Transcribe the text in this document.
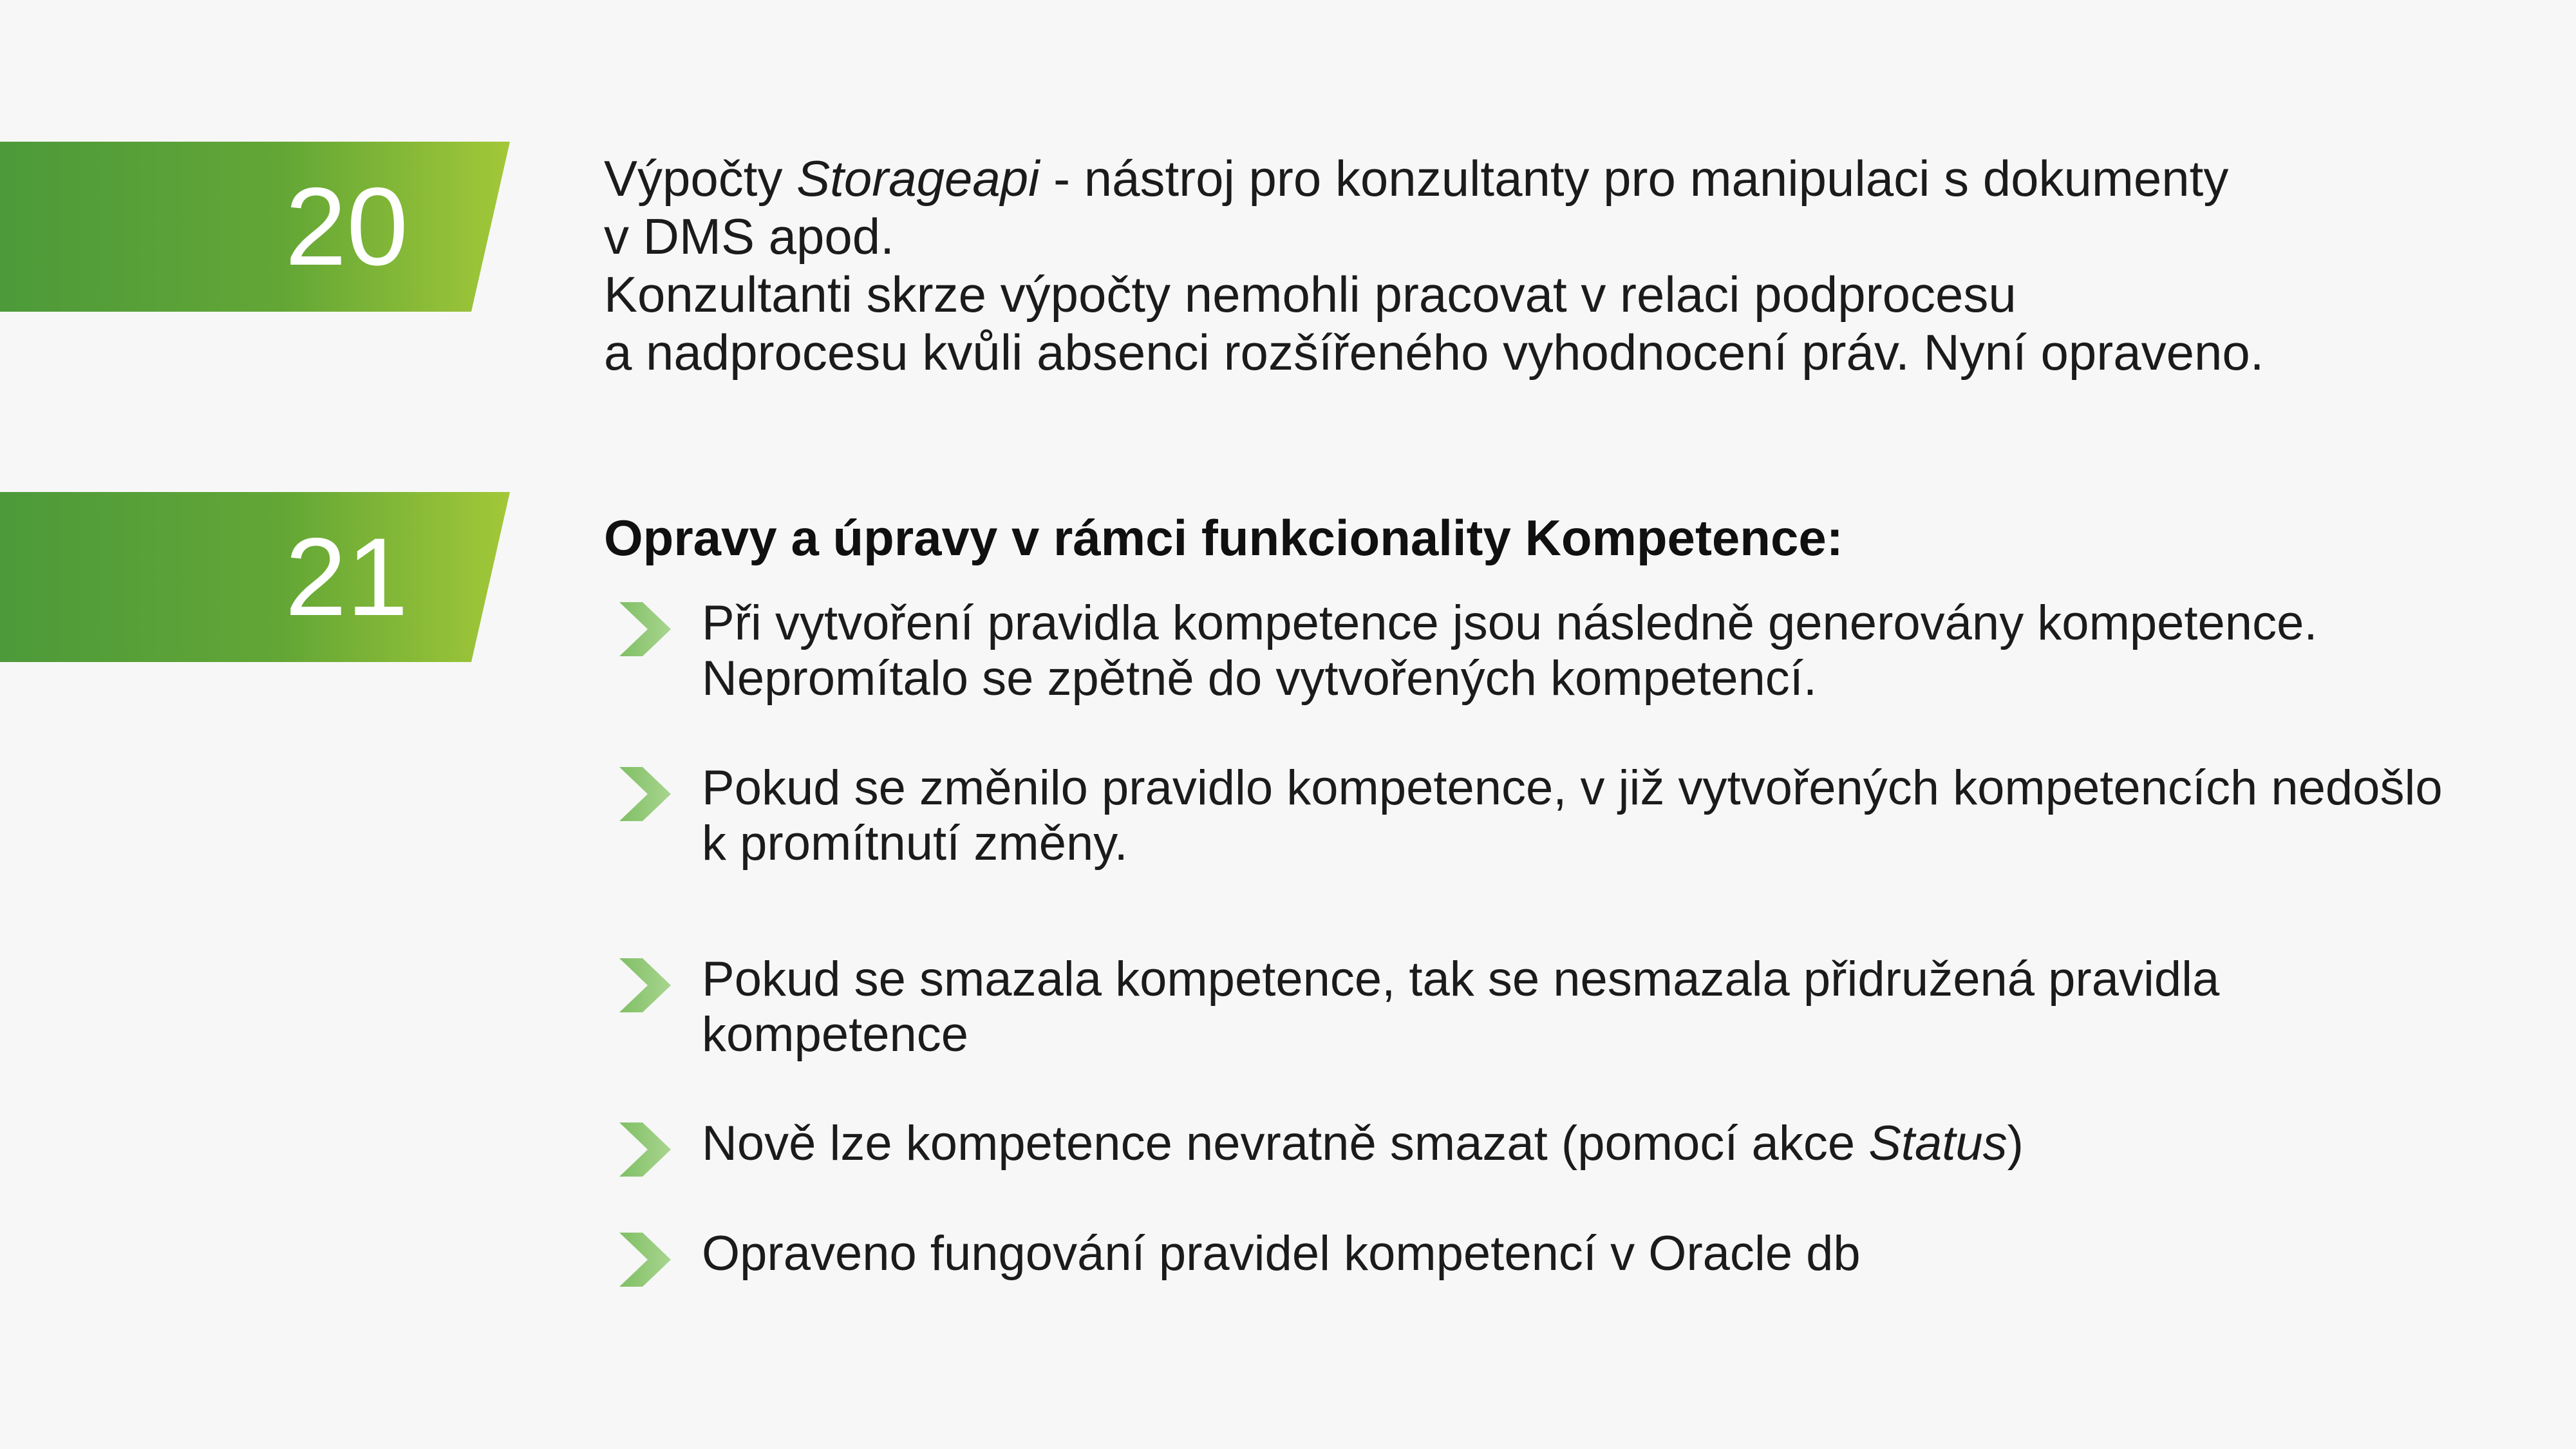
20	Výpočty Storageapi - nástroj pro konzultanty pro manipulaci s dokumenty
v DMS apod.
Konzultanti skrze výpočty nemohli pracovat v relaci podprocesu
a nadprocesu kvůli absenci rozšířeného vyhodnocení práv. Nyní opraveno.
21	Opravy a úpravy v rámci funkcionality Kompetence:
Při vytvoření pravidla kompetence jsou následně generovány kompetence.
Nepromítalo se zpětně do vytvořených kompetencí.
Pokud se změnilo pravidlo kompetence, v již vytvořených kompetencích nedošlo
k promítnutí změny.
Pokud se smazala kompetence, tak se nesmazala přidružená pravidla
kompetence
Nově lze kompetence nevratně smazat (pomocí akce Status)
Opraveno fungování pravidel kompetencí v Oracle db
